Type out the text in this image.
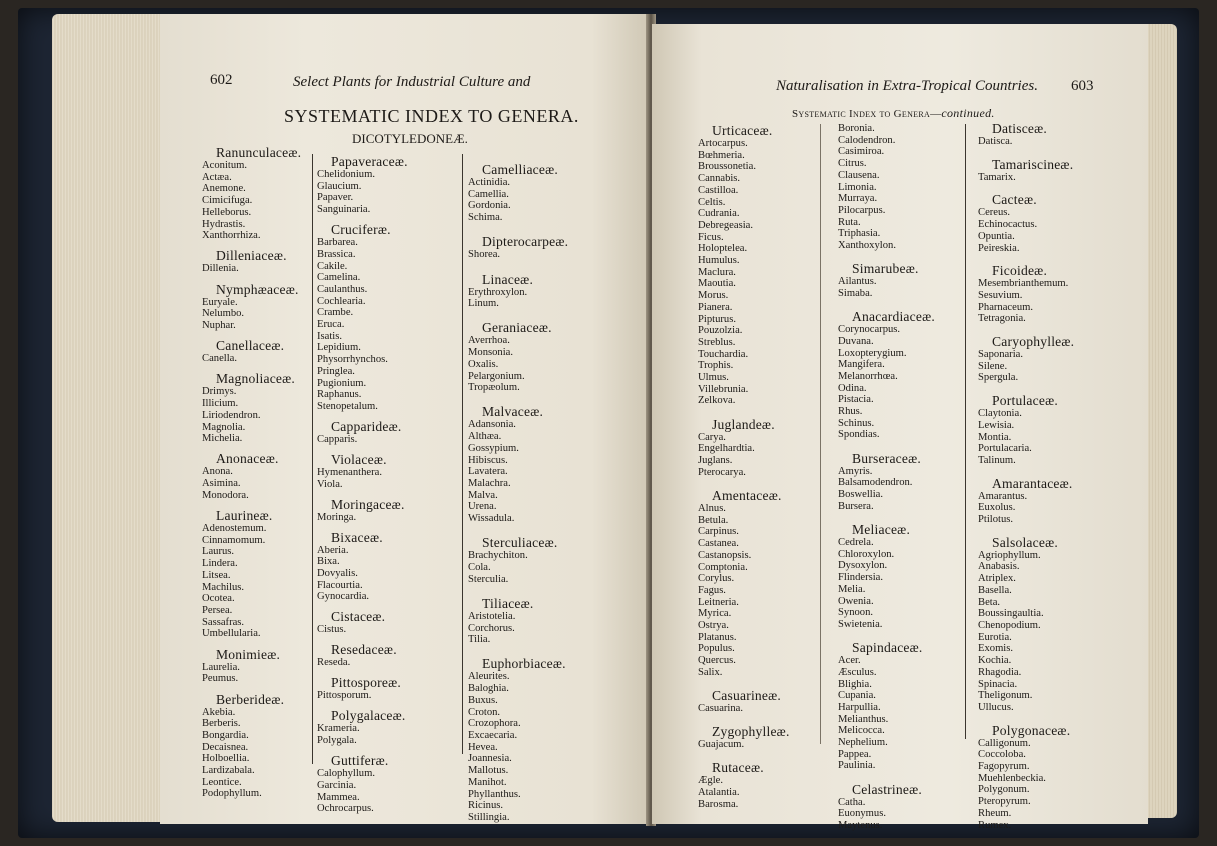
602	Select Plants for Industrial Culture and
SYSTEMATIC INDEX TO GENERA.
DICOTYLEDONEÆ.
Ranunculaceæ.
Aconitum.
Actæa.
Anemone.
Cimicifuga.
Helleborus.
Hydrastis.
Xanthorrhiza.
Dilleniaceæ.
Dillenia.
Nymphæaceæ.
Euryale.
Nelumbo.
Nuphar.
Canellaceæ.
Canella.
Magnoliaceæ.
Drimys.
Illicium.
Liriodendron.
Magnolia.
Michelia.
Anonaceæ.
Anona.
Asimina.
Monodora.
Laurineæ.
Adenostemum.
Cinnamomum.
Laurus.
Lindera.
Litsea.
Machilus.
Ocotea.
Persea.
Sassafras.
Umbellularia.
Monimieæ.
Laurelia.
Peumus.
Berberideæ.
Akebia.
Berberis.
Bongardia.
Decaisnea.
Holboellia.
Lardizabala.
Leontice.
Podophyllum.
Papaveraceæ.
Chelidonium.
Glaucium.
Papaver.
Sanguinaria.
Cruciferæ.
Barbarea.
Brassica.
Cakile.
Camelina.
Caulanthus.
Cochlearia.
Crambe.
Eruca.
Isatis.
Lepidium.
Physorrhynchos.
Pringlea.
Pugionium.
Raphanus.
Stenopetalum.
Capparideæ.
Capparis.
Violaceæ.
Hymenanthera.
Viola.
Moringaceæ.
Moringa.
Bixaceæ.
Aberia.
Bixa.
Dovyalis.
Flacourtia.
Gynocardia.
Cistaceæ.
Cistus.
Resedaceæ.
Reseda.
Pittosporeæ.
Pittosporum.
Polygalaceæ.
Krameria.
Polygala.
Guttiferæ.
Calophyllum.
Garcinia.
Mammea.
Ochrocarpus.
Camelliaceæ.
Actinidia.
Camellia.
Gordonia.
Schima.
Dipterocarpeæ.
Shorea.
Linaceæ.
Erythroxylon.
Linum.
Geraniaceæ.
Averrhoa.
Monsonia.
Oxalis.
Pelargonium.
Tropæolum.
Malvaceæ.
Adansonia.
Althæa.
Gossypium.
Hibiscus.
Lavatera.
Malachra.
Malva.
Urena.
Wissadula.
Sterculiaceæ.
Brachychiton.
Cola.
Sterculia.
Tiliaceæ.
Aristotelia.
Corchorus.
Tilia.
Euphorbiaceæ.
Aleurites.
Baloghia.
Buxus.
Croton.
Crozophora.
Excaecaria.
Hevea.
Joannesia.
Mallotus.
Manihot.
Phyllanthus.
Ricinus.
Stillingia.
Naturalisation in Extra-Tropical Countries. 603
Systematic Index to Genera—continued.
Urticaceæ.
Artocarpus.
Bœhmeria.
Broussonetia.
Cannabis.
Castilloa.
Celtis.
Cudrania.
Debregeasia.
Ficus.
Holoptelea.
Humulus.
Maclura.
Maoutia.
Morus.
Pianera.
Pipturus.
Pouzolzia.
Streblus.
Touchardia.
Trophis.
Ulmus.
Villebrunia.
Zelkova.
Juglandeæ.
Carya.
Engelhardtia.
Juglans.
Pterocarya.
Amentaceæ.
Alnus.
Betula.
Carpinus.
Castanea.
Castanopsis.
Comptonia.
Corylus.
Fagus.
Leitneria.
Myrica.
Ostrya.
Platanus.
Populus.
Quercus.
Salix.
Casuarineæ.
Casuarina.
Zygophylleæ.
Guajacum.
Rutaceæ.
Ægle.
Atalantia.
Barosma.
Boronia.
Calodendron.
Casimiroa.
Citrus.
Clausena.
Limonia.
Murraya.
Pilocarpus.
Ruta.
Triphasia.
Xanthoxylon.
Simarubeæ.
Ailantus.
Simaba.
Anacardiaceæ.
Corynocarpus.
Duvana.
Loxopterygium.
Mangifera.
Melanorrhœa.
Odina.
Pistacia.
Rhus.
Schinus.
Spondias.
Burseraceæ.
Amyris.
Balsamodendron.
Boswellia.
Bursera.
Meliaceæ.
Cedrela.
Chloroxylon.
Dysoxylon.
Flindersia.
Melia.
Owenia.
Synoon.
Swietenia.
Sapindaceæ.
Acer.
Æsculus.
Blighia.
Cupania.
Harpullia.
Melianthus.
Melicocca.
Nephelium.
Pappea.
Paulinia.
Celastrineæ.
Catha.
Euonymus.
Maytenus.
Datisceæ.
Datisca.
Tamariscineæ.
Tamarix.
Cacteæ.
Cereus.
Echinocactus.
Opuntia.
Peireskia.
Ficoideæ.
Mesembrianthemum.
Sesuvium.
Pharnaceum.
Tetragonia.
Caryophylleæ.
Saponaria.
Silene.
Spergula.
Portulaceæ.
Claytonia.
Lewisia.
Montia.
Portulacaria.
Talinum.
Amarantaceæ.
Amarantus.
Euxolus.
Ptilotus.
Salsolaceæ.
Agriophyllum.
Anabasis.
Atriplex.
Basella.
Beta.
Boussingaultia.
Chenopodium.
Eurotia.
Exomis.
Kochia.
Rhagodia.
Spinacia.
Theligonum.
Ullucus.
Polygonaceæ.
Calligonum.
Coccoloba.
Fagopyrum.
Muehlenbeckia.
Polygonum.
Pteropyrum.
Rheum.
Rumex.
